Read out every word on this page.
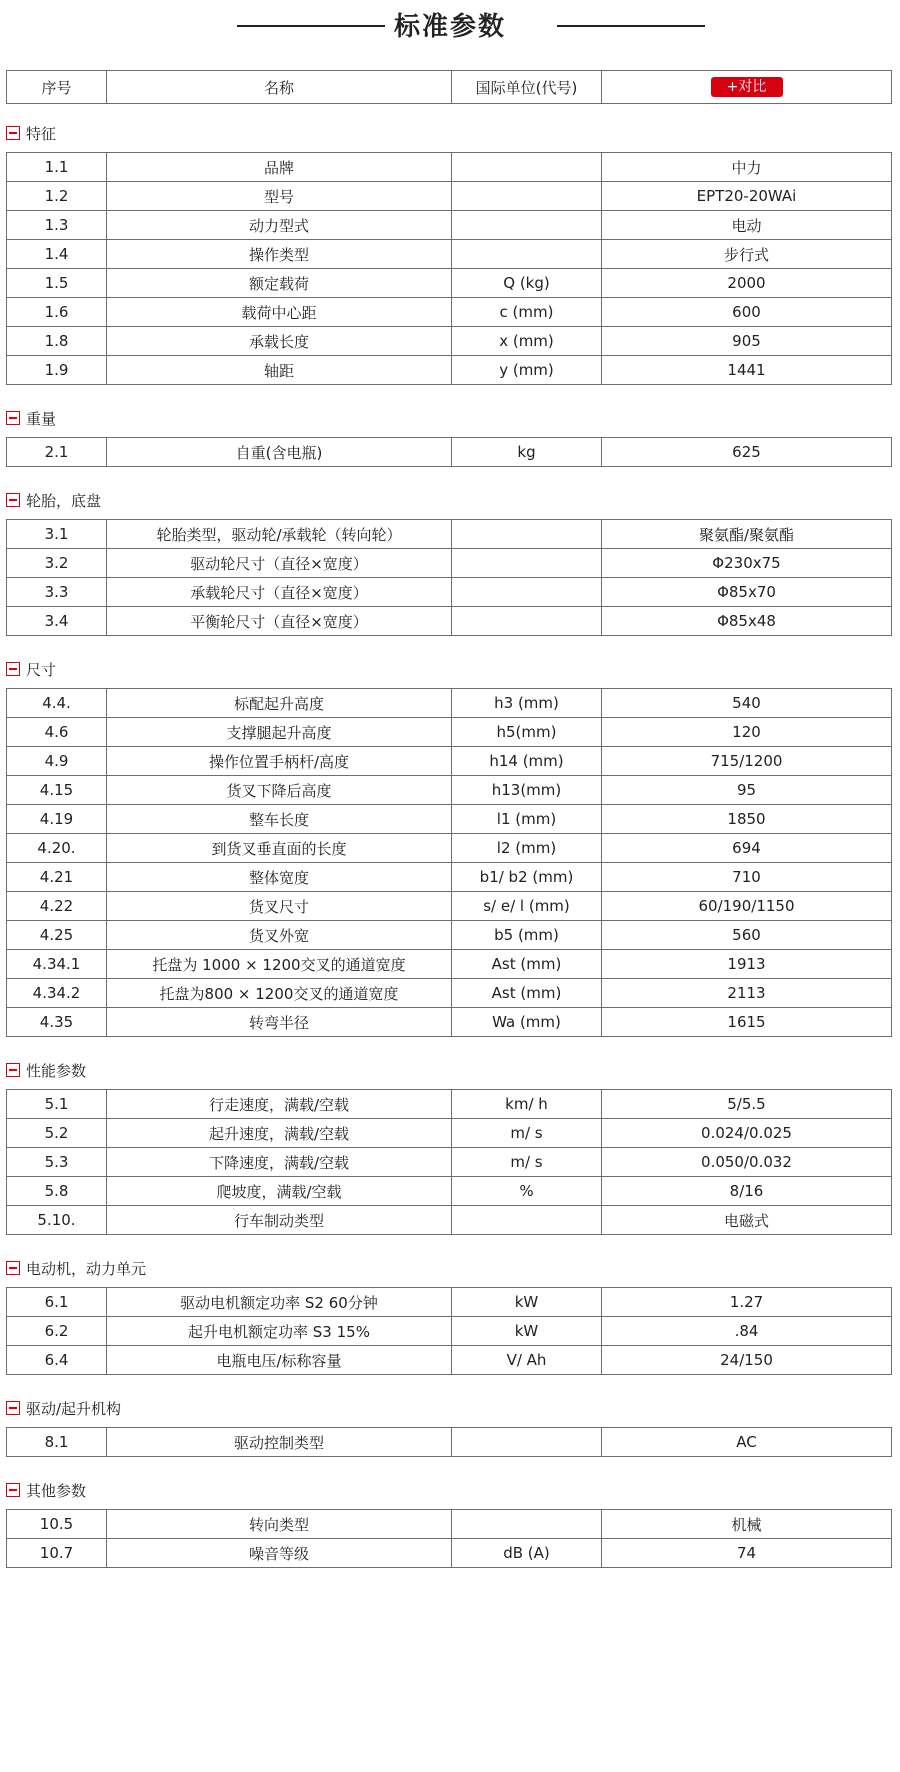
标准参数
序号	名称	国际单位(代号)	+对比
特征
1.1	品牌		中力
1.2	型号		EPT20-20WAi
1.3	动力型式		电动
1.4	操作类型		步行式
1.5	额定载荷	Q (kg)	2000
1.6	载荷中心距	c (mm)	600
1.8	承载长度	x (mm)	905
1.9	轴距	y (mm)	1441
重量
2.1	自重(含电瓶)	kg	625
轮胎，底盘
3.1	轮胎类型，驱动轮/承载轮（转向轮）		聚氨酯/聚氨酯
3.2	驱动轮尺寸（直径×宽度）		Φ230x75
3.3	承载轮尺寸（直径×宽度）		Φ85x70
3.4	平衡轮尺寸（直径×宽度）		Φ85x48
尺寸
4.4.	标配起升高度	h3 (mm)	540
4.6	支撑腿起升高度	h5(mm)	120
4.9	操作位置手柄杆/高度	h14 (mm)	715/1200
4.15	货叉下降后高度	h13(mm)	95
4.19	整车长度	l1 (mm)	1850
4.20.	到货叉垂直面的长度	l2 (mm)	694
4.21	整体宽度	b1/ b2 (mm)	710
4.22	货叉尺寸	s/ e/ l (mm)	60/190/1150
4.25	货叉外宽	b5 (mm)	560
4.34.1	托盘为 1000 × 1200交叉的通道宽度	Ast (mm)	1913
4.34.2	托盘为800 × 1200交叉的通道宽度	Ast (mm)	2113
4.35	转弯半径	Wa (mm)	1615
性能参数
5.1	行走速度，满载/空载	km/ h	5/5.5
5.2	起升速度，满载/空载	m/ s	0.024/0.025
5.3	下降速度，满载/空载	m/ s	0.050/0.032
5.8	爬坡度，满载/空载	%	8/16
5.10.	行车制动类型		电磁式
电动机，动力单元
6.1	驱动电机额定功率 S2 60分钟	kW	1.27
6.2	起升电机额定功率 S3 15%	kW	.84
6.4	电瓶电压/标称容量	V/ Ah	24/150
驱动/起升机构
8.1	驱动控制类型		AC
其他参数
10.5	转向类型		机械
10.7	噪音等级	dB (A)	74
